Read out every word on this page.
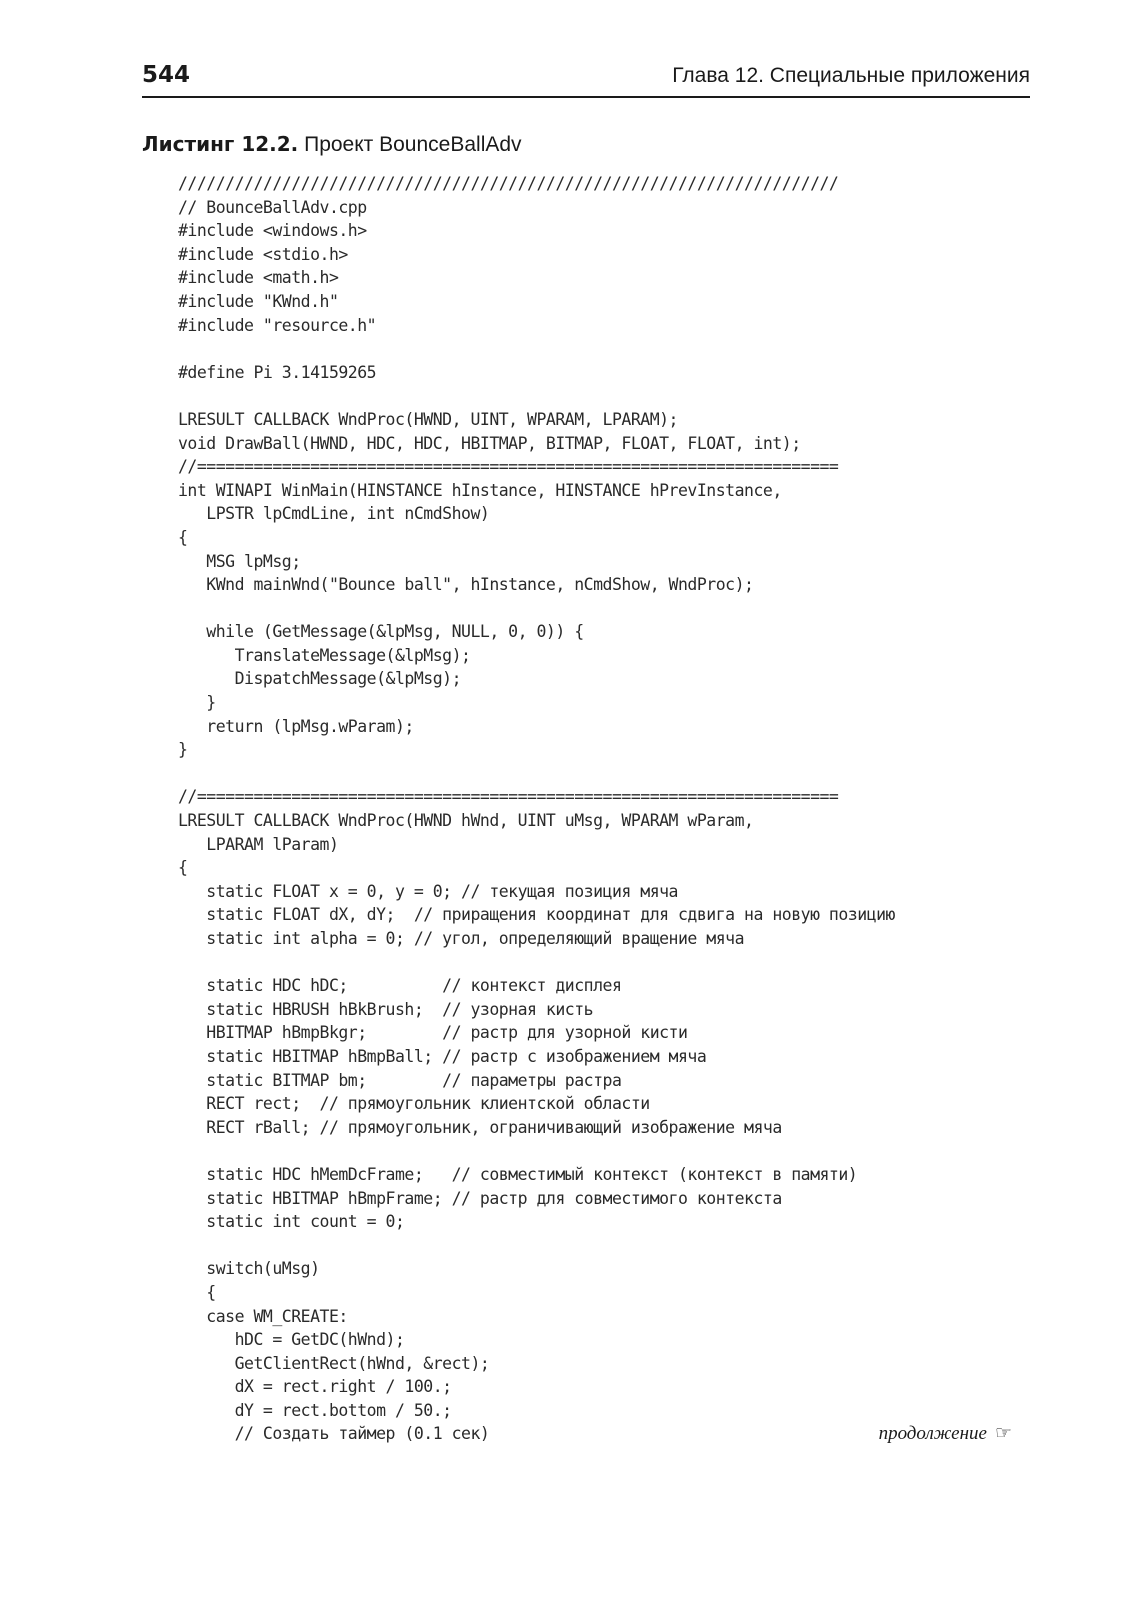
544	Глава 12. Специальные приложения
Листинг 12.2. Проект BounceBallAdv
//////////////////////////////////////////////////////////////////////
// BounceBallAdv.cpp
#include <windows.h>
#include <stdio.h>
#include <math.h>
#include "KWnd.h"
#include "resource.h"
#define Pi 3.14159265
LRESULT CALLBACK WndProc(HWND, UINT, WPARAM, LPARAM);
void DrawBall(HWND, HDC, HDC, HBITMAP, BITMAP, FLOAT, FLOAT, int);
//====================================================================
int WINAPI WinMain(HINSTANCE hInstance, HINSTANCE hPrevInstance,
LPSTR lpCmdLine, int nCmdShow)
{
MSG lpMsg;
KWnd mainWnd("Bounce ball", hInstance, nCmdShow, WndProc);
while (GetMessage(&lpMsg, NULL, 0, 0)) {
TranslateMessage(&lpMsg);
DispatchMessage(&lpMsg);
}
return (lpMsg.wParam);
}
//====================================================================
LRESULT CALLBACK WndProc(HWND hWnd, UINT uMsg, WPARAM wParam,
LPARAM lParam)
{
static FLOAT x = 0, y = 0; // текущая позиция мяча
static FLOAT dX, dY;  // приращения координат для сдвига на новую позицию
static int alpha = 0; // угол, определяющий вращение мяча
static HDC hDC;          // контекст дисплея
static HBRUSH hBkBrush;  // узорная кисть
HBITMAP hBmpBkgr;        // растр для узорной кисти
static HBITMAP hBmpBall; // растр с изображением мяча
static BITMAP bm;        // параметры растра
RECT rect;  // прямоугольник клиентской области
RECT rBall; // прямоугольник, ограничивающий изображение мяча
static HDC hMemDcFrame;   // совместимый контекст (контекст в памяти)
static HBITMAP hBmpFrame; // растр для совместимого контекста
static int count = 0;
switch(uMsg)
{
case WM_CREATE:
hDC = GetDC(hWnd);
GetClientRect(hWnd, &rect);
dX = rect.right / 100.;
dY = rect.bottom / 50.;
// Создать таймер (0.1 сек)	продолжение ☞
